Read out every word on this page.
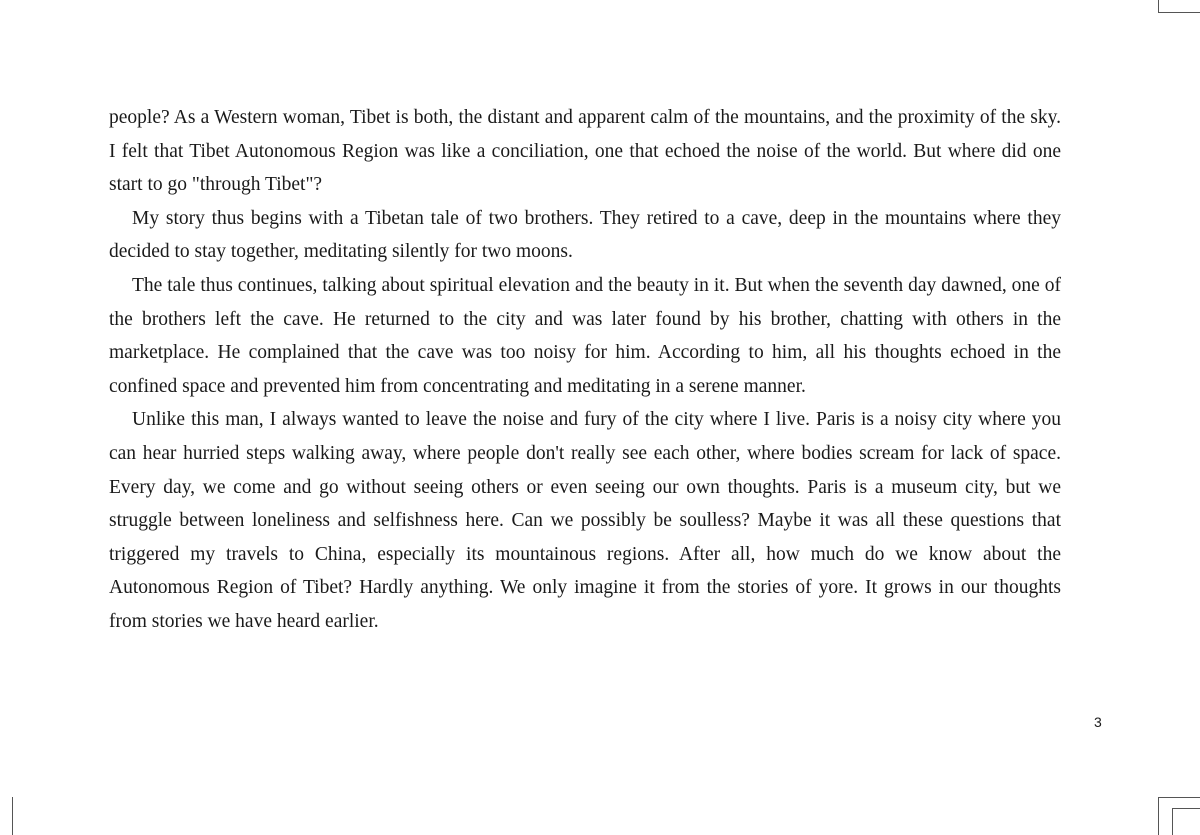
people? As a Western woman, Tibet is both, the distant and apparent calm of the mountains, and the proximity of the sky. I felt that Tibet Autonomous Region was like a conciliation, one that echoed the noise of the world. But where did one start to go "through Tibet"?

My story thus begins with a Tibetan tale of two brothers. They retired to a cave, deep in the mountains where they decided to stay together, meditating silently for two moons.

The tale thus continues, talking about spiritual elevation and the beauty in it. But when the seventh day dawned, one of the brothers left the cave. He returned to the city and was later found by his brother, chatting with others in the marketplace. He complained that the cave was too noisy for him. According to him, all his thoughts echoed in the confined space and prevented him from concentrating and meditating in a serene manner.

Unlike this man, I always wanted to leave the noise and fury of the city where I live. Paris is a noisy city where you can hear hurried steps walking away, where people don't really see each other, where bodies scream for lack of space. Every day, we come and go without seeing others or even seeing our own thoughts. Paris is a museum city, but we struggle between loneliness and selfishness here. Can we possibly be soulless? Maybe it was all these questions that triggered my travels to China, especially its mountainous regions. After all, how much do we know about the Autonomous Region of Tibet? Hardly anything. We only imagine it from the stories of yore. It grows in our thoughts from stories we have heard earlier.

3
